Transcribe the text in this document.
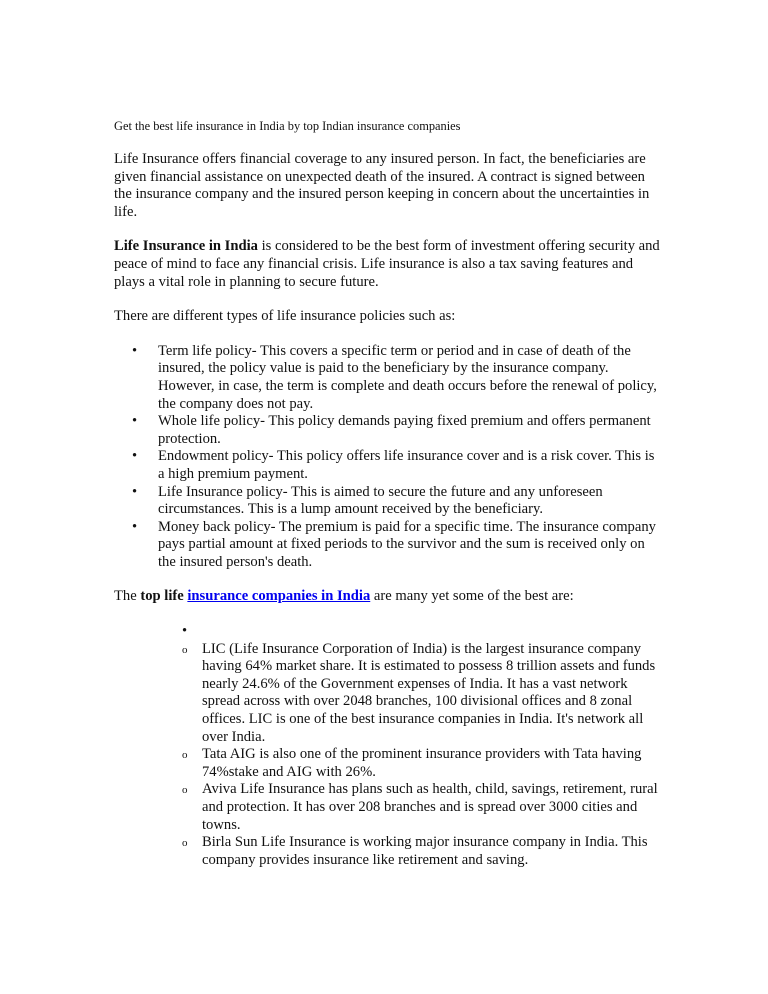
Get the best life insurance in India by top Indian insurance companies

Life Insurance offers financial coverage to any insured person. In fact, the beneficiaries are given financial assistance on unexpected death of the insured. A contract is signed between the insurance company and the insured person keeping in concern about the uncertainties in life.

Life Insurance in India is considered to be the best form of investment offering security and peace of mind to face any financial crisis. Life insurance is also a tax saving features and plays a vital role in planning to secure future.

There are different types of life insurance policies such as:
• Term life policy- This covers a specific term or period and in case of death of the insured, the policy value is paid to the beneficiary by the insurance company. However, in case, the term is complete and death occurs before the renewal of policy, the company does not pay.
• Whole life policy- This policy demands paying fixed premium and offers permanent protection.
• Endowment policy- This policy offers life insurance cover and is a risk cover. This is a high premium payment.
• Life Insurance policy- This is aimed to secure the future and any unforeseen circumstances. This is a lump amount received by the beneficiary.
• Money back policy- The premium is paid for a specific time. The insurance company pays partial amount at fixed periods to the survivor and the sum is received only on the insured person's death.
The top life insurance companies in India are many yet some of the best are:
•

o LIC (Life Insurance Corporation of India) is the largest insurance company having 64% market share. It is estimated to possess 8 trillion assets and funds nearly 24.6% of the Government expenses of India. It has a vast network spread across with over 2048 branches, 100 divisional offices and 8 zonal offices. LIC is one of the best insurance companies in India. It's network all over India.
o Tata AIG is also one of the prominent insurance providers with Tata having 74%stake and AIG with 26%.
o Aviva Life Insurance has plans such as health, child, savings, retirement, rural and protection. It has over 208 branches and is spread over 3000 cities and towns.
o Birla Sun Life Insurance is working major insurance company in India. This company provides insurance like retirement and saving.
